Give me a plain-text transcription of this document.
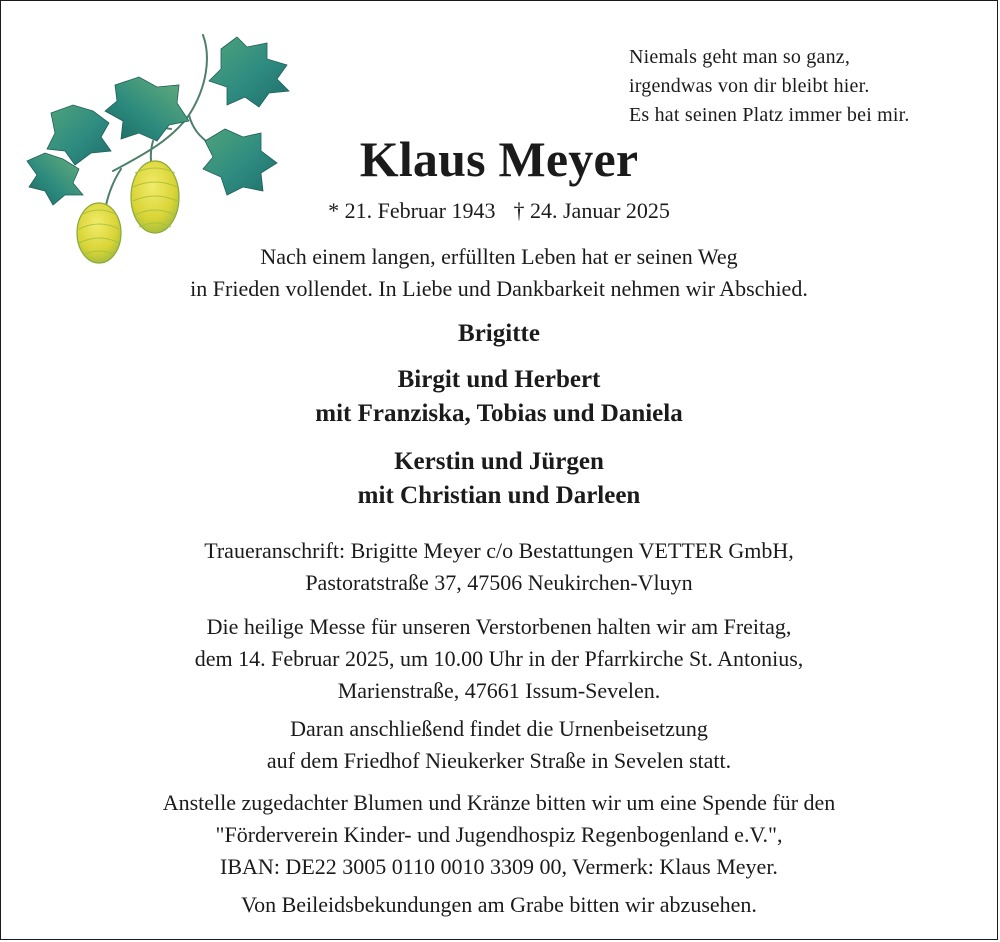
Niemals geht man so ganz,
irgendwas von dir bleibt hier.
Es hat seinen Platz immer bei mir.
Klaus Meyer
* 21. Februar 1943 † 24. Januar 2025
Nach einem langen, erfüllten Leben hat er seinen Weg
in Frieden vollendet. In Liebe und Dankbarkeit nehmen wir Abschied.
Brigitte
Birgit und Herbert
mit Franziska, Tobias und Daniela
Kerstin und Jürgen
mit Christian und Darleen
Traueranschrift: Brigitte Meyer c/o Bestattungen VETTER GmbH,
Pastoratstraße 37, 47506 Neukirchen-Vluyn
Die heilige Messe für unseren Verstorbenen halten wir am Freitag,
dem 14. Februar 2025, um 10.00 Uhr in der Pfarrkirche St. Antonius,
Marienstraße, 47661 Issum-Sevelen.
Daran anschließend findet die Urnenbeisetzung
auf dem Friedhof Nieukerker Straße in Sevelen statt.
Anstelle zugedachter Blumen und Kränze bitten wir um eine Spende für den
"Förderverein Kinder- und Jugendhospiz Regenbogenland e.V.",
IBAN: DE22 3005 0110 0010 3309 00, Vermerk: Klaus Meyer.
Von Beileidsbekundungen am Grabe bitten wir abzusehen.
